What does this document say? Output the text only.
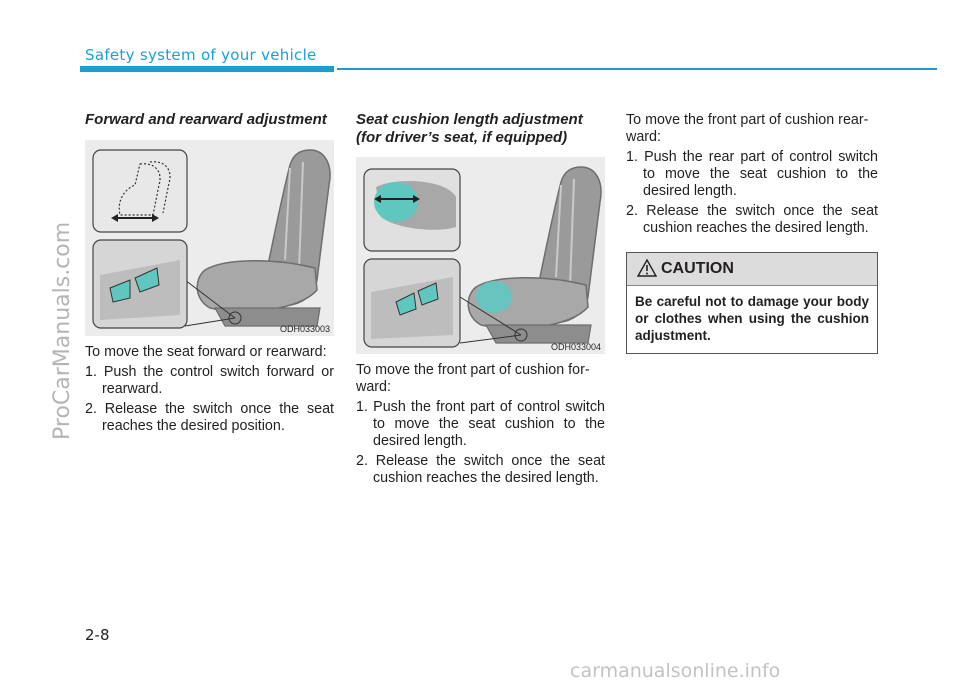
ProCarManuals.com
Safety system of your vehicle
Forward and rearward adjustment
ODH033003
To move the seat forward or rearward:
1. Push the control switch forward or rearward.
2. Release the switch once the seat reaches the desired position.
Seat cushion length adjustment
(for driver’s seat, if equipped)
ODH033004
To move the front part of cushion for-ward:
1. Push the front part of control switch to move the seat cushion to the desired length.
2. Release the switch once the seat cushion reaches the desired length.
To move the front part of cushion rear-ward:
1. Push the rear part of control switch to move the seat cushion to the desired length.
2. Release the switch once the seat cushion reaches the desired length.
CAUTION
Be careful not to damage your body or clothes when using the cushion adjustment.
2-8
carmanualsonline.info
